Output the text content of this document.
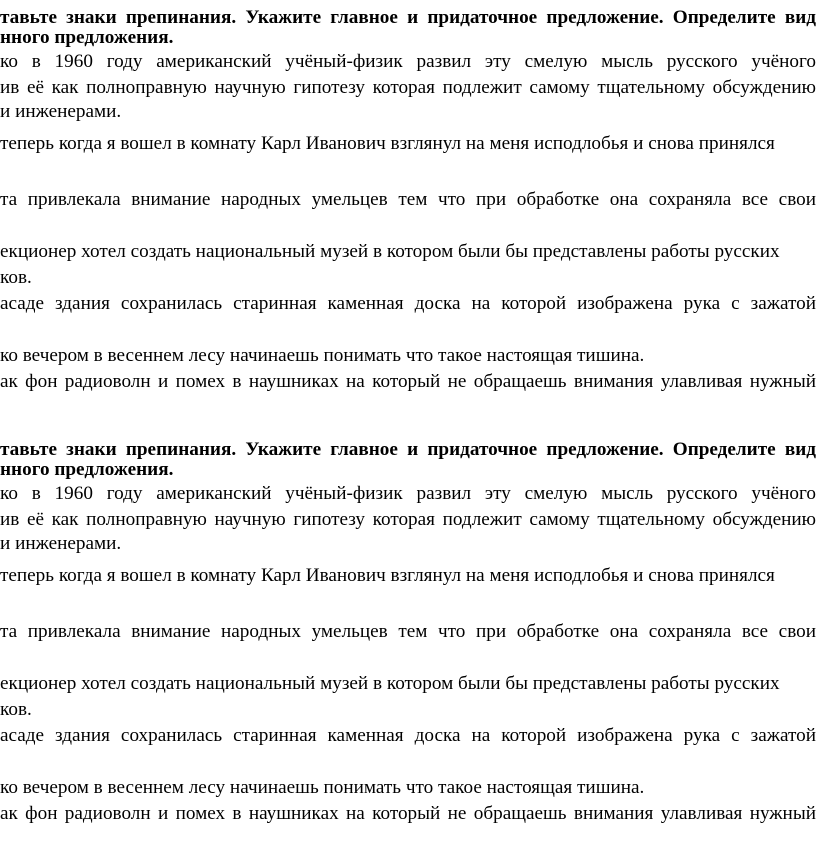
тавьте знаки препинания. Укажите главное и придаточное предложение. Определите вид
нного предложения.
ко в 1960 году американский учёный-физик развил эту смелую мысль русского учёного
ив её как полноправную научную гипотезу которая подлежит самому тщательному обсуждению
и инженерами.
теперь когда я вошел в комнату Карл Иванович взглянул на меня исподлобья и снова принялся
та привлекала внимание народных умельцев тем что при обработке она сохраняла все свои
екционер хотел создать национальный музей в котором были бы представлены работы русских
ков.
асаде здания сохранилась старинная каменная доска на которой изображена рука с зажатой
ко вечером в весеннем лесу начинаешь понимать что такое настоящая тишина.
ак фон радиоволн и помех в наушниках на который не обращаешь внимания улавливая нужный
тавьте знаки препинания. Укажите главное и придаточное предложение. Определите вид
нного предложения.
ко в 1960 году американский учёный-физик развил эту смелую мысль русского учёного
ив её как полноправную научную гипотезу которая подлежит самому тщательному обсуждению
и инженерами.
теперь когда я вошел в комнату Карл Иванович взглянул на меня исподлобья и снова принялся
та привлекала внимание народных умельцев тем что при обработке она сохраняла все свои
екционер хотел создать национальный музей в котором были бы представлены работы русских
ков.
асаде здания сохранилась старинная каменная доска на которой изображена рука с зажатой
ко вечером в весеннем лесу начинаешь понимать что такое настоящая тишина.
ак фон радиоволн и помех в наушниках на который не обращаешь внимания улавливая нужный
